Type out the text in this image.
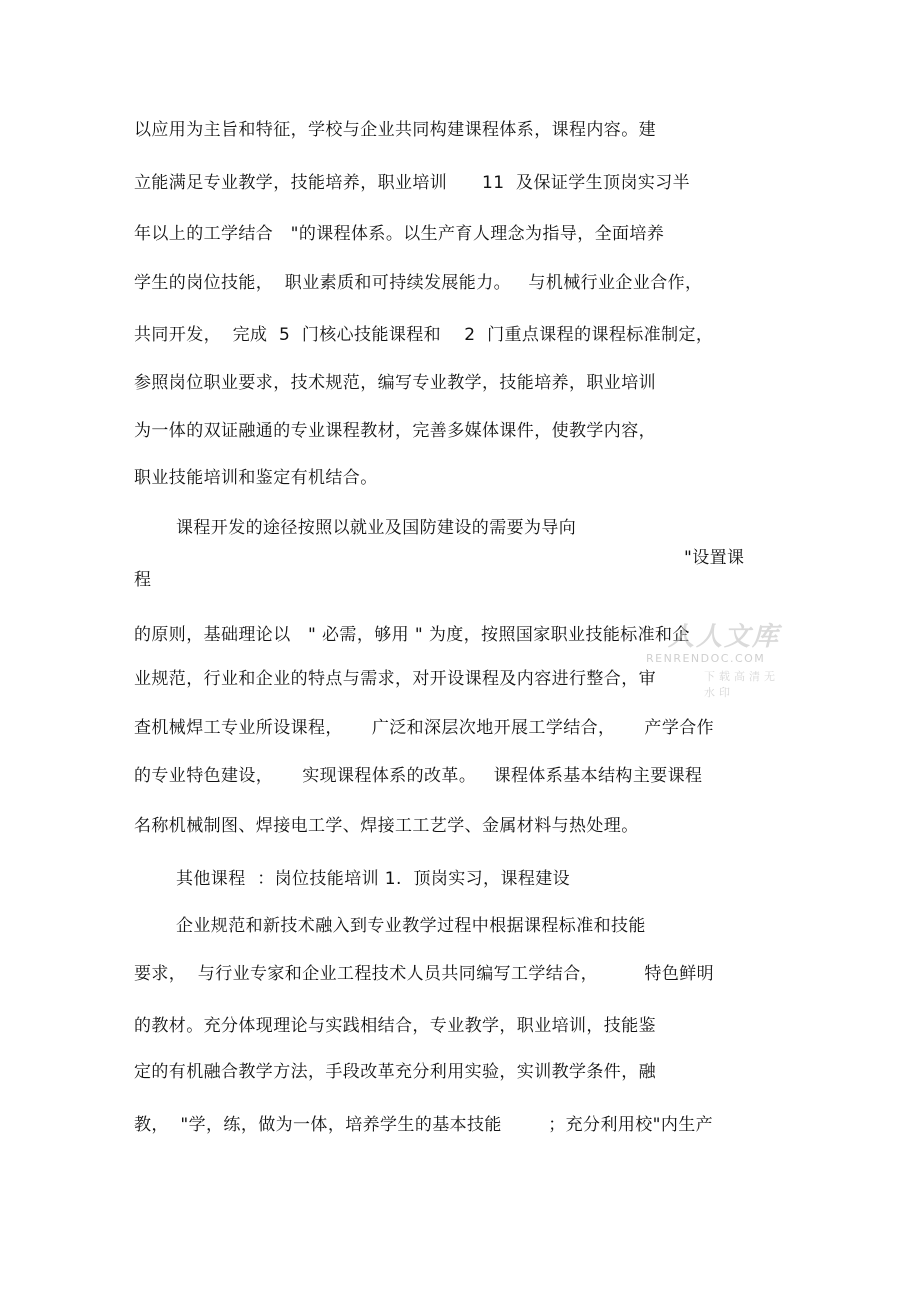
以应用为主旨和特征，学校与企业共同构建课程体系，课程内容。建
立能满足专业教学，技能培养，职业培训      11  及保证学生顶岗实习半
年以上的工学结合   "的课程体系。以生产育人理念为指导，全面培养
学生的岗位技能，  职业素质和可持续发展能力。   与机械行业企业合作，
共同开发，  完成  5  门核心技能课程和    2  门重点课程的课程标准制定，
参照岗位职业要求，技术规范，编写专业教学，技能培养，职业培训
为一体的双证融通的专业课程教材，完善多媒体课件，使教学内容，
职业技能培训和鉴定有机结合。
课程开发的途径按照以就业及国防建设的需要为导向
"设置课
程
的原则，基础理论以   " 必需，够用 " 为度，按照国家职业技能标准和企
业规范，行业和企业的特点与需求，对开设课程及内容进行整合，审
查机械焊工专业所设课程，     广泛和深层次地开展工学结合，     产学合作
的专业特色建设，     实现课程体系的改革。   课程体系基本结构主要课程
名称机械制图、焊接电工学、焊接工工艺学、金属材料与热处理。
其他课程  ：岗位技能培训 1.  顶岗实习，课程建设
企业规范和新技术融入到专业教学过程中根据课程标准和技能
要求，  与行业专家和企业工程技术人员共同编写工学结合，        特色鲜明
的教材。充分体现理论与实践相结合，专业教学，职业培训，技能鉴
定的有机融合教学方法，手段改革充分利用实验，实训教学条件，融
教，  "学，练，做为一体，培养学生的基本技能        ；充分利用校"内生产
人人文库
RENRENDOC.COM
下载高清无水印
